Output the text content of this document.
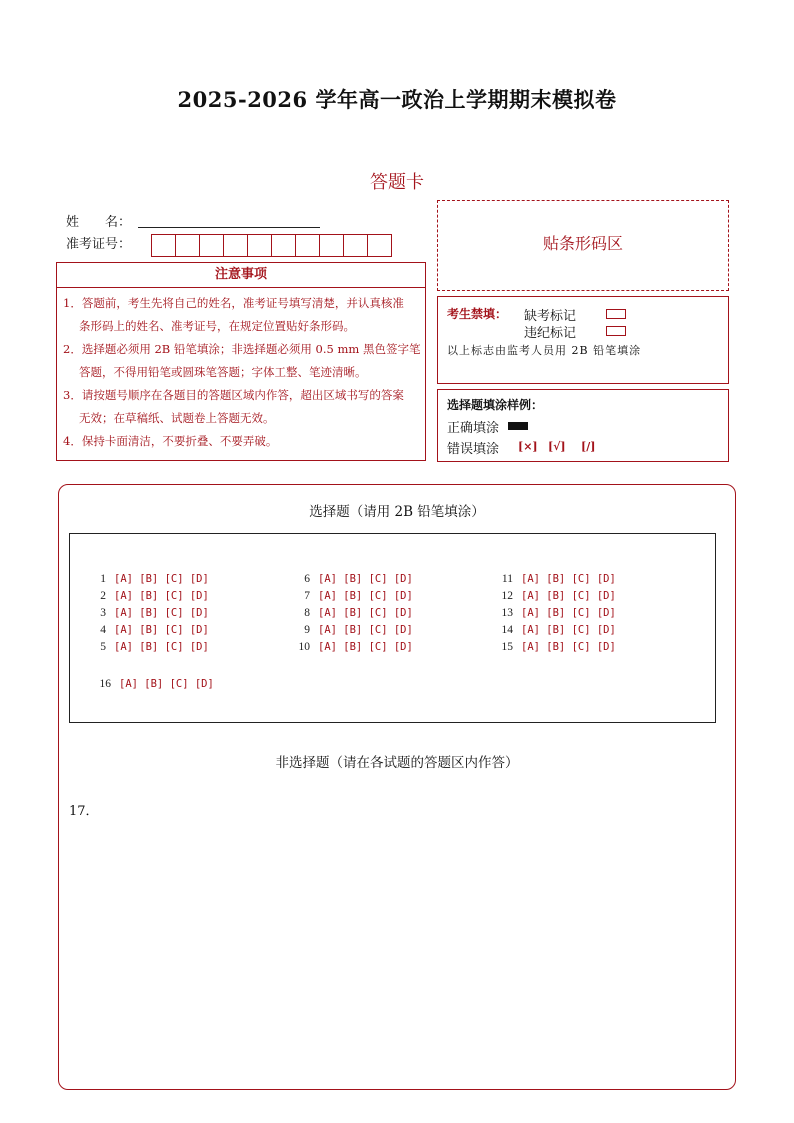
2025-2026 学年高一政治上学期期末模拟卷
答题卡
姓　　名：
准考证号：
注意事项
1．答题前，考生先将自己的姓名，准考证号填写清楚，并认真核准
条形码上的姓名、准考证号，在规定位置贴好条形码。
2．选择题必须用 2B 铅笔填涂；非选择题必须用 0.5 mm 黑色签字笔
答题，不得用铅笔或圆珠笔答题；字体工整、笔迹清晰。
3．请按题号顺序在各题目的答题区域内作答，超出区域书写的答案
无效；在草稿纸、试题卷上答题无效。
4．保持卡面清洁，不要折叠、不要弄破。
贴条形码区
考生禁填： 缺考标记
违纪标记
以上标志由监考人员用 2B 铅笔填涂
选择题填涂样例：
正确填涂
错误填涂 [×] [√] [/]
选择题（请用 2B 铅笔填涂）
1 [A] [B] [C] [D]
2 [A] [B] [C] [D]
3 [A] [B] [C] [D]
4 [A] [B] [C] [D]
5 [A] [B] [C] [D]
6 [A] [B] [C] [D]
7 [A] [B] [C] [D]
8 [A] [B] [C] [D]
9 [A] [B] [C] [D]
10 [A] [B] [C] [D]
11 [A] [B] [C] [D]
12 [A] [B] [C] [D]
13 [A] [B] [C] [D]
14 [A] [B] [C] [D]
15 [A] [B] [C] [D]
16 [A] [B] [C] [D]
非选择题（请在各试题的答题区内作答）
17．
